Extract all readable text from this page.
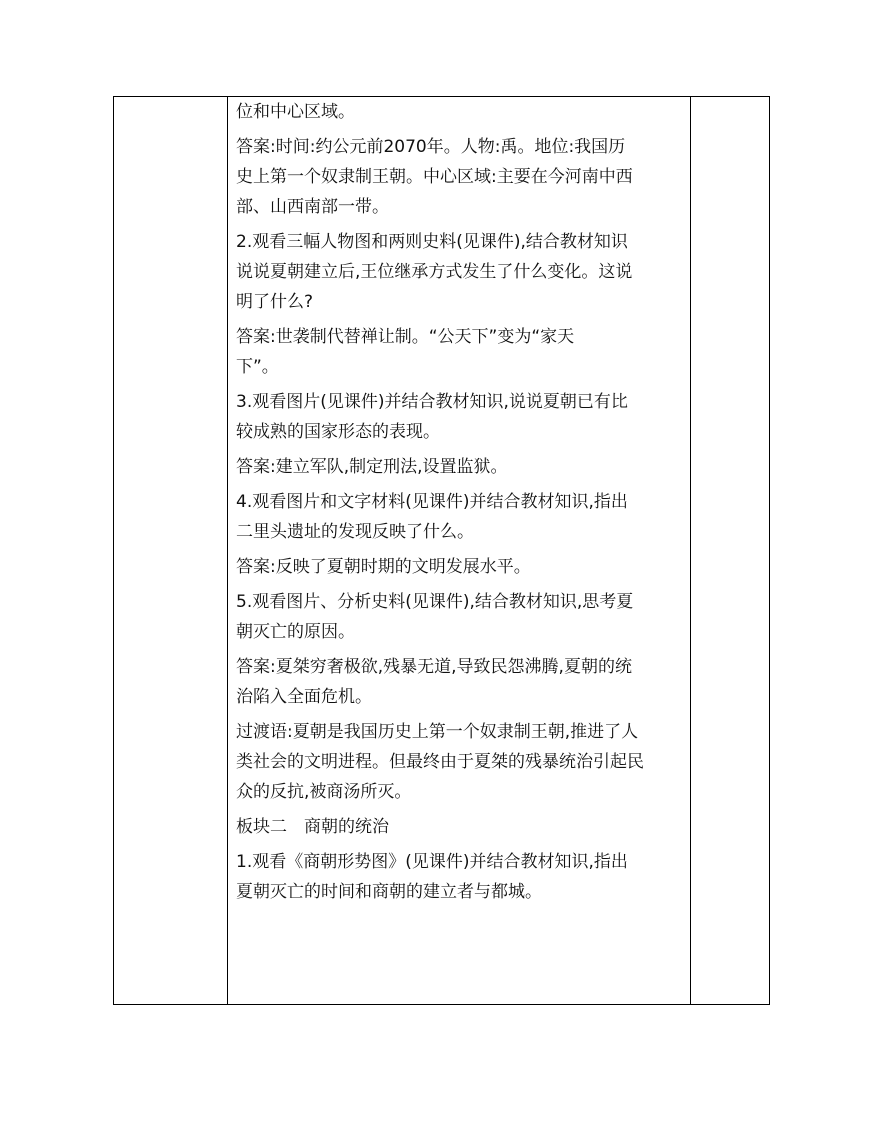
位和中心区域。
答案:时间:约公元前2070年。人物:禹。地位:我国历
史上第一个奴隶制王朝。中心区域:主要在今河南中西
部、山西南部一带。
2.观看三幅人物图和两则史料(见课件),结合教材知识
说说夏朝建立后,王位继承方式发生了什么变化。这说
明了什么?
答案:世袭制代替禅让制。“公天下”变为“家天
下”。
3.观看图片(见课件)并结合教材知识,说说夏朝已有比
较成熟的国家形态的表现。
答案:建立军队,制定刑法,设置监狱。
4.观看图片和文字材料(见课件)并结合教材知识,指出
二里头遗址的发现反映了什么。
答案:反映了夏朝时期的文明发展水平。
5.观看图片、分析史料(见课件),结合教材知识,思考夏
朝灭亡的原因。
答案:夏桀穷奢极欲,残暴无道,导致民怨沸腾,夏朝的统
治陷入全面危机。
过渡语:夏朝是我国历史上第一个奴隶制王朝,推进了人
类社会的文明进程。但最终由于夏桀的残暴统治引起民
众的反抗,被商汤所灭。
板块二　商朝的统治
1.观看《商朝形势图》(见课件)并结合教材知识,指出
夏朝灭亡的时间和商朝的建立者与都城。
